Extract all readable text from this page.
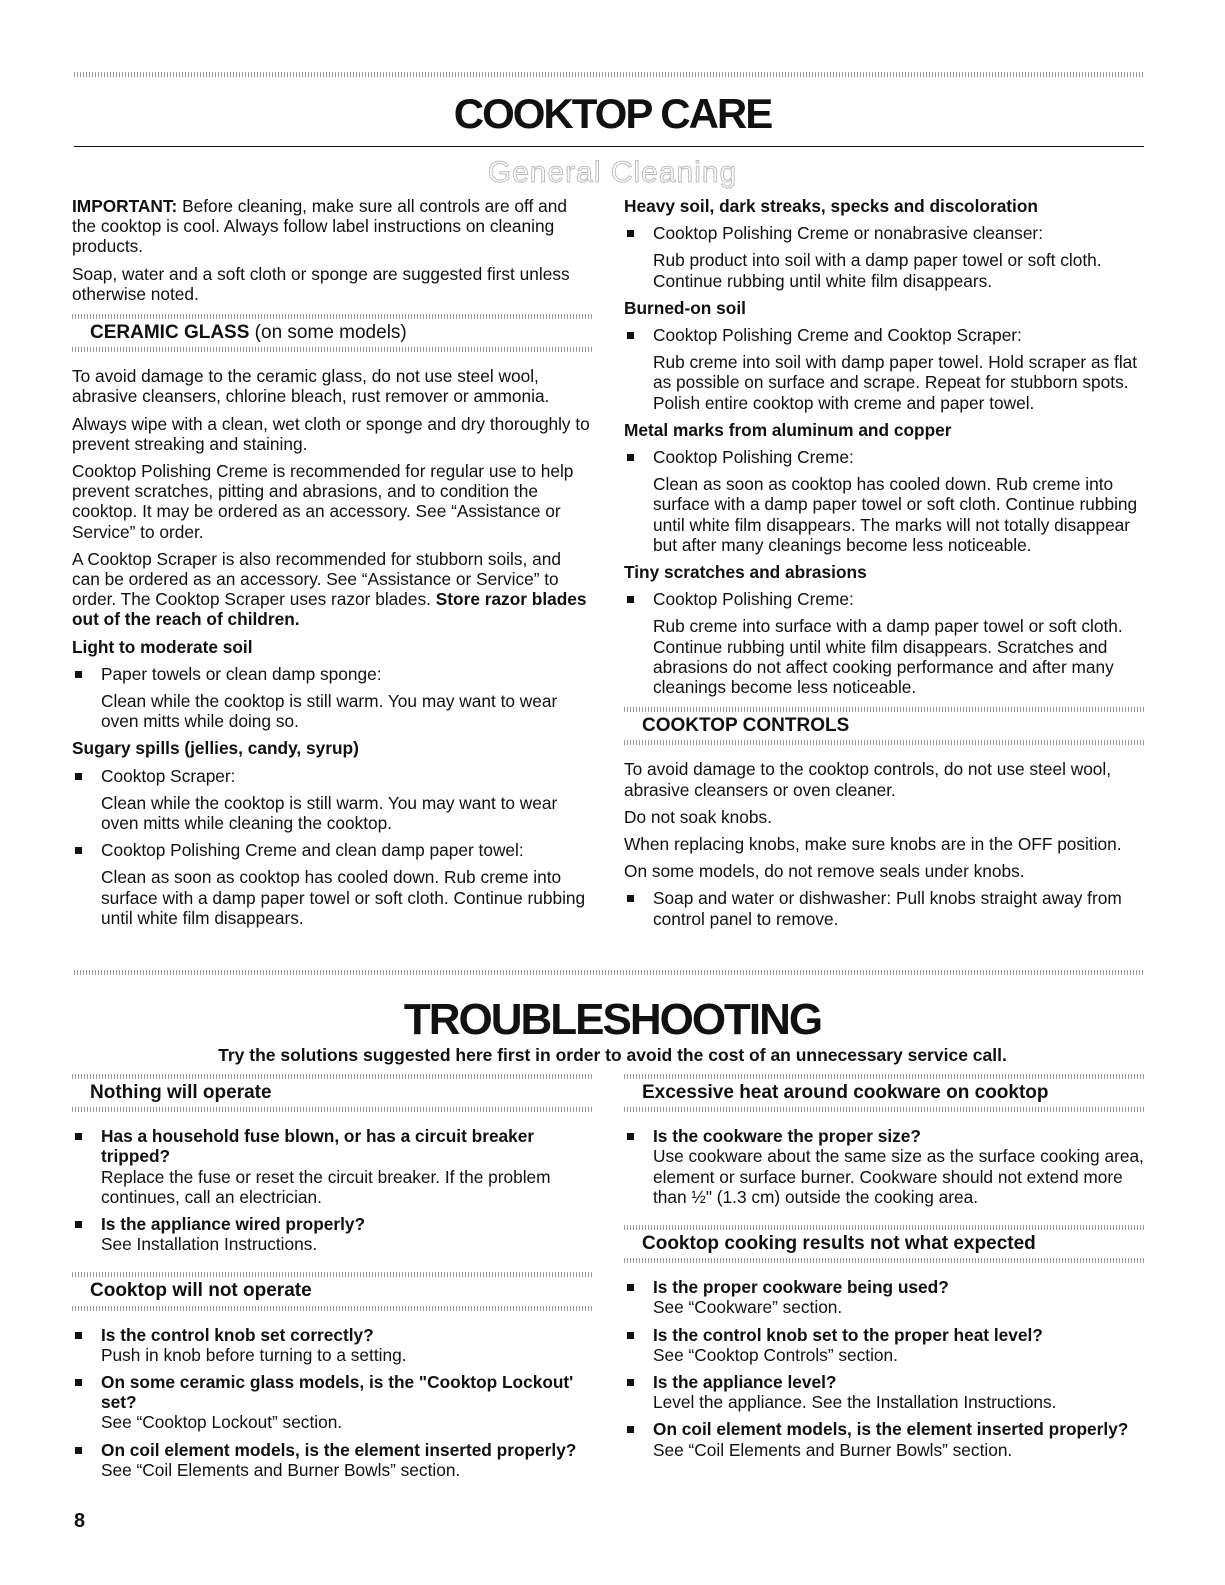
COOKTOP CARE
General Cleaning

IMPORTANT: Before cleaning, make sure all controls are off and the cooktop is cool. Always follow label instructions on cleaning products.

Soap, water and a soft cloth or sponge are suggested first unless otherwise noted.

CERAMIC GLASS (on some models)

To avoid damage to the ceramic glass, do not use steel wool, abrasive cleansers, chlorine bleach, rust remover or ammonia.

Always wipe with a clean, wet cloth or sponge and dry thoroughly to prevent streaking and staining.

Cooktop Polishing Creme is recommended for regular use to help prevent scratches, pitting and abrasions, and to condition the cooktop. It may be ordered as an accessory. See “Assistance or Service” to order.

A Cooktop Scraper is also recommended for stubborn soils, and can be ordered as an accessory. See “Assistance or Service” to order. The Cooktop Scraper uses razor blades. Store razor blades out of the reach of children.

Light to moderate soil
Paper towels or clean damp sponge:
Clean while the cooktop is still warm. You may want to wear oven mitts while doing so.
Sugary spills (jellies, candy, syrup)
Cooktop Scraper:
Clean while the cooktop is still warm. You may want to wear oven mitts while cleaning the cooktop.
Cooktop Polishing Creme and clean damp paper towel:
Clean as soon as cooktop has cooled down. Rub creme into surface with a damp paper towel or soft cloth. Continue rubbing until white film disappears.
Heavy soil, dark streaks, specks and discoloration
Cooktop Polishing Creme or nonabrasive cleanser:
Rub product into soil with a damp paper towel or soft cloth. Continue rubbing until white film disappears.
Burned-on soil
Cooktop Polishing Creme and Cooktop Scraper:
Rub creme into soil with damp paper towel. Hold scraper as flat as possible on surface and scrape. Repeat for stubborn spots. Polish entire cooktop with creme and paper towel.
Metal marks from aluminum and copper
Cooktop Polishing Creme:
Clean as soon as cooktop has cooled down. Rub creme into surface with a damp paper towel or soft cloth. Continue rubbing until white film disappears. The marks will not totally disappear but after many cleanings become less noticeable.
Tiny scratches and abrasions
Cooktop Polishing Creme:
Rub creme into surface with a damp paper towel or soft cloth. Continue rubbing until white film disappears. Scratches and abrasions do not affect cooking performance and after many cleanings become less noticeable.
COOKTOP CONTROLS

To avoid damage to the cooktop controls, do not use steel wool, abrasive cleansers or oven cleaner.

Do not soak knobs.

When replacing knobs, make sure knobs are in the OFF position.

On some models, do not remove seals under knobs.

Soap and water or dishwasher: Pull knobs straight away from control panel to remove.
TROUBLESHOOTING
Try the solutions suggested here first in order to avoid the cost of an unnecessary service call.
Nothing will operate
Has a household fuse blown, or has a circuit breaker tripped?
Replace the fuse or reset the circuit breaker. If the problem continues, call an electrician.
Is the appliance wired properly?
See Installation Instructions.
Cooktop will not operate
Is the control knob set correctly?
Push in knob before turning to a setting.
On some ceramic glass models, is the "Cooktop Lockout' set?
See “Cooktop Lockout” section.
On coil element models, is the element inserted properly?
See “Coil Elements and Burner Bowls” section.
Excessive heat around cookware on cooktop
Is the cookware the proper size?
Use cookware about the same size as the surface cooking area, element or surface burner. Cookware should not extend more than ½" (1.3 cm) outside the cooking area.
Cooktop cooking results not what expected
Is the proper cookware being used?
See “Cookware” section.
Is the control knob set to the proper heat level?
See “Cooktop Controls” section.
Is the appliance level?
Level the appliance. See the Installation Instructions.
On coil element models, is the element inserted properly?
See “Coil Elements and Burner Bowls” section.
8
